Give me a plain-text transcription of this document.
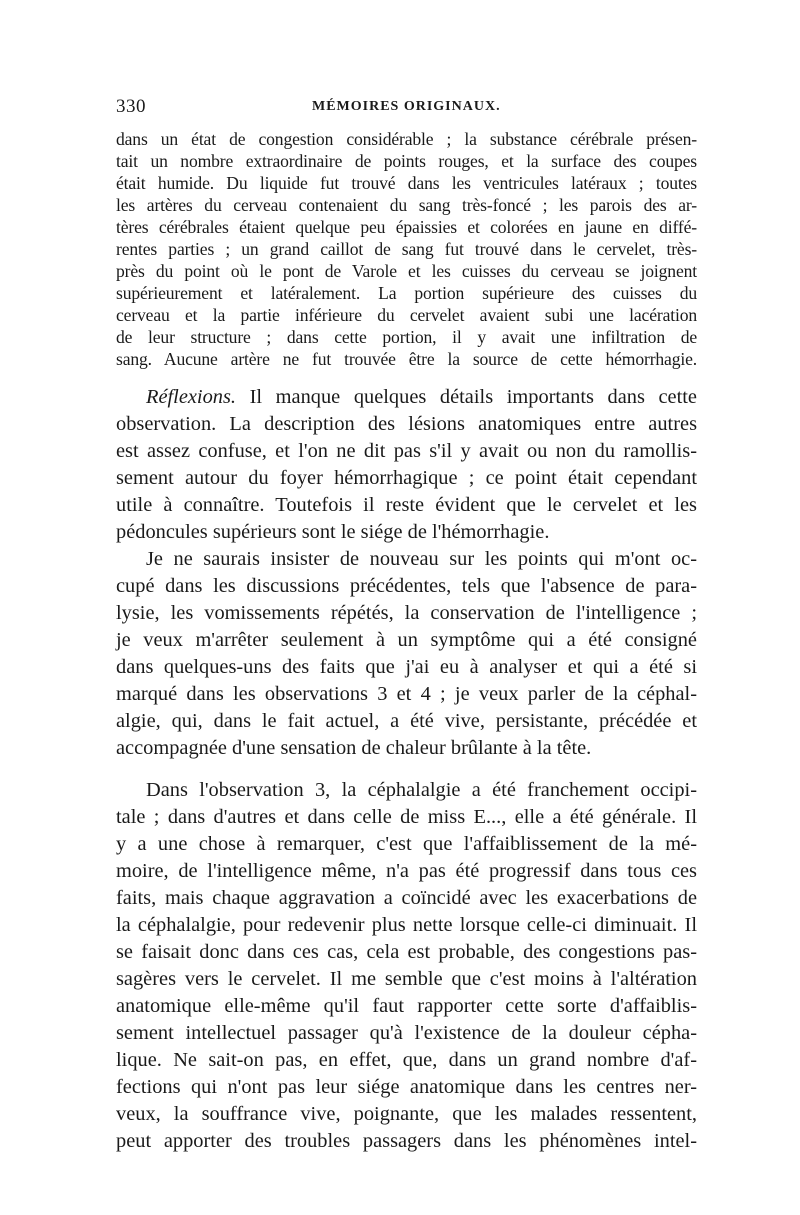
330	MÉMOIRES ORIGINAUX.
dans un état de congestion considérable ; la substance cérébrale présen-
tait un nombre extraordinaire de points rouges, et la surface des coupes
était humide. Du liquide fut trouvé dans les ventricules latéraux ; toutes
les artères du cerveau contenaient du sang très-foncé ; les parois des ar-
tères cérébrales étaient quelque peu épaissies et colorées en jaune en diffé-
rentes parties ; un grand caillot de sang fut trouvé dans le cervelet, très-
près du point où le pont de Varole et les cuisses du cerveau se joignent
supérieurement et latéralement. La portion supérieure des cuisses du
cerveau et la partie inférieure du cervelet avaient subi une lacération
de leur structure ; dans cette portion, il y avait une infiltration de
sang. Aucune artère ne fut trouvée être la source de cette hémorrhagie.
Réflexions. Il manque quelques détails importants dans cette
observation. La description des lésions anatomiques entre autres
est assez confuse, et l'on ne dit pas s'il y avait ou non du ramollis-
sement autour du foyer hémorrhagique ; ce point était cependant
utile à connaître. Toutefois il reste évident que le cervelet et les
pédoncules supérieurs sont le siége de l'hémorrhagie.
Je ne saurais insister de nouveau sur les points qui m'ont oc-
cupé dans les discussions précédentes, tels que l'absence de para-
lysie, les vomissements répétés, la conservation de l'intelligence ;
je veux m'arrêter seulement à un symptôme qui a été consigné
dans quelques-uns des faits que j'ai eu à analyser et qui a été si
marqué dans les observations 3 et 4 ; je veux parler de la céphal-
algie, qui, dans le fait actuel, a été vive, persistante, précédée et
accompagnée d'une sensation de chaleur brûlante à la tête.
Dans l'observation 3, la céphalalgie a été franchement occipi-
tale ; dans d'autres et dans celle de miss E..., elle a été générale. Il
y a une chose à remarquer, c'est que l'affaiblissement de la mé-
moire, de l'intelligence même, n'a pas été progressif dans tous ces
faits, mais chaque aggravation a coïncidé avec les exacerbations de
la céphalalgie, pour redevenir plus nette lorsque celle-ci diminuait. Il
se faisait donc dans ces cas, cela est probable, des congestions pas-
sagères vers le cervelet. Il me semble que c'est moins à l'altération
anatomique elle-même qu'il faut rapporter cette sorte d'affaiblis-
sement intellectuel passager qu'à l'existence de la douleur cépha-
lique. Ne sait-on pas, en effet, que, dans un grand nombre d'af-
fections qui n'ont pas leur siége anatomique dans les centres ner-
veux, la souffrance vive, poignante, que les malades ressentent,
peut apporter des troubles passagers dans les phénomènes intel-
